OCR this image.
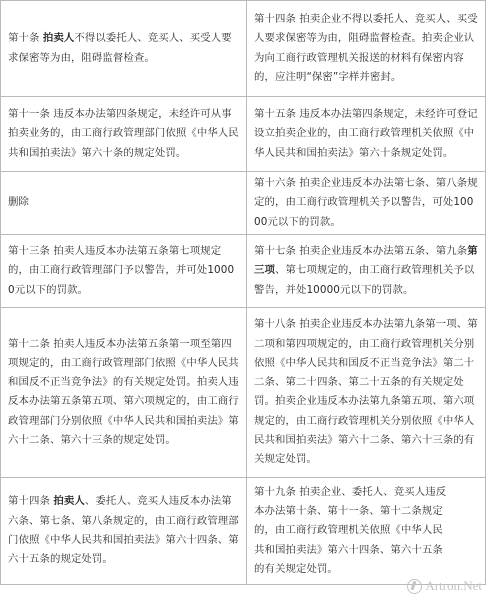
第十条 拍卖人不得以委托人、竞买人、买受人要求保密等为由，阻碍监督检查。	第十四条 拍卖企业不得以委托人、竞买人、买受人要求保密等为由，阻碍监督检查。拍卖企业认为向工商行政管理机关报送的材料有保密内容的，应注明“保密”字样并密封。
第十一条 违反本办法第四条规定，未经许可从事拍卖业务的，由工商行政管理部门依照《中华人民共和国拍卖法》第六十条的规定处罚。	第十五条 违反本办法第四条规定，未经许可登记设立拍卖企业的，由工商行政管理机关依照《中华人民共和国拍卖法》第六十条规定处罚。
删除	第十六条 拍卖企业违反本办法第七条、第八条规定的，由工商行政管理机关予以警告，可处10000元以下的罚款。
第十三条 拍卖人违反本办法第五条第七项规定的，由工商行政管理部门予以警告，并可处10000元以下的罚款。	第十七条 拍卖企业违反本办法第五条、第九条第三项、第七项规定的，由工商行政管理机关予以警告，并处10000元以下的罚款。
第十二条 拍卖人违反本办法第五条第一项至第四项规定的，由工商行政管理部门依照《中华人民共和国反不正当竞争法》的有关规定处罚。拍卖人违反本办法第五条第五项、第六项规定的，由工商行政管理部门分别依照《中华人民共和国拍卖法》第六十二条、第六十三条的规定处罚。	第十八条 拍卖企业违反本办法第九条第一项、第二项和第四项规定的，由工商行政管理机关分别依照《中华人民共和国反不正当竞争法》第二十二条、第二十四条、第二十五条的有关规定处罚。拍卖企业违反本办法第九条第五项、第六项规定的，由工商行政管理机关分别依照《中华人民共和国拍卖法》第六十二条、第六十三条的有关规定处罚。
第十四条 拍卖人、委托人、竞买人违反本办法第六条、第七条、第八条规定的，由工商行政管理部门依照《中华人民共和国拍卖法》第六十四条、第六十五条的规定处罚。	第十九条 拍卖企业、委托人、竞买人违反本办法第十条、第十一条、第十二条规定的，由工商行政管理机关依照《中华人民共和国拍卖法》第六十四条、第六十五条的有关规定处罚。
Artron.Net
